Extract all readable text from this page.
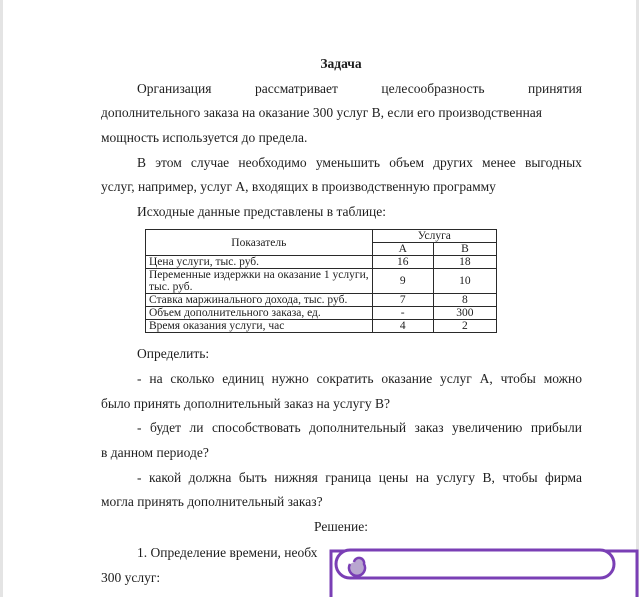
Задача
Организация	рассматривает	целесообразность	принятия
дополнительного заказа на оказание 300 услуг В, если его производственная
мощность используется до предела.
В этом случае необходимо уменьшить объем других менее выгодных
услуг, например, услуг А, входящих в производственную программу
Исходные данные представлены в таблице:
Показатель	Услуга	
	А	В
Цена услуги, тыс. руб.	16	18
Переменные издержки на оказание 1 услуги, тыс. руб.	9	10
Ставка маржинального дохода, тыс. руб.	7	8
Объем дополнительного заказа, ед.	-	300
Время оказания услуги, час	4	2
Определить:
- на сколько единиц нужно сократить оказание услуг А, чтобы можно
было принять дополнительный заказ на услугу В?
- будет ли способствовать дополнительный заказ увеличению прибыли
в данном периоде?
- какой должна быть нижняя граница цены на услугу В, чтобы фирма
могла принять дополнительный заказ?
Решение:
1. Определение времени, необх
300 услуг:
